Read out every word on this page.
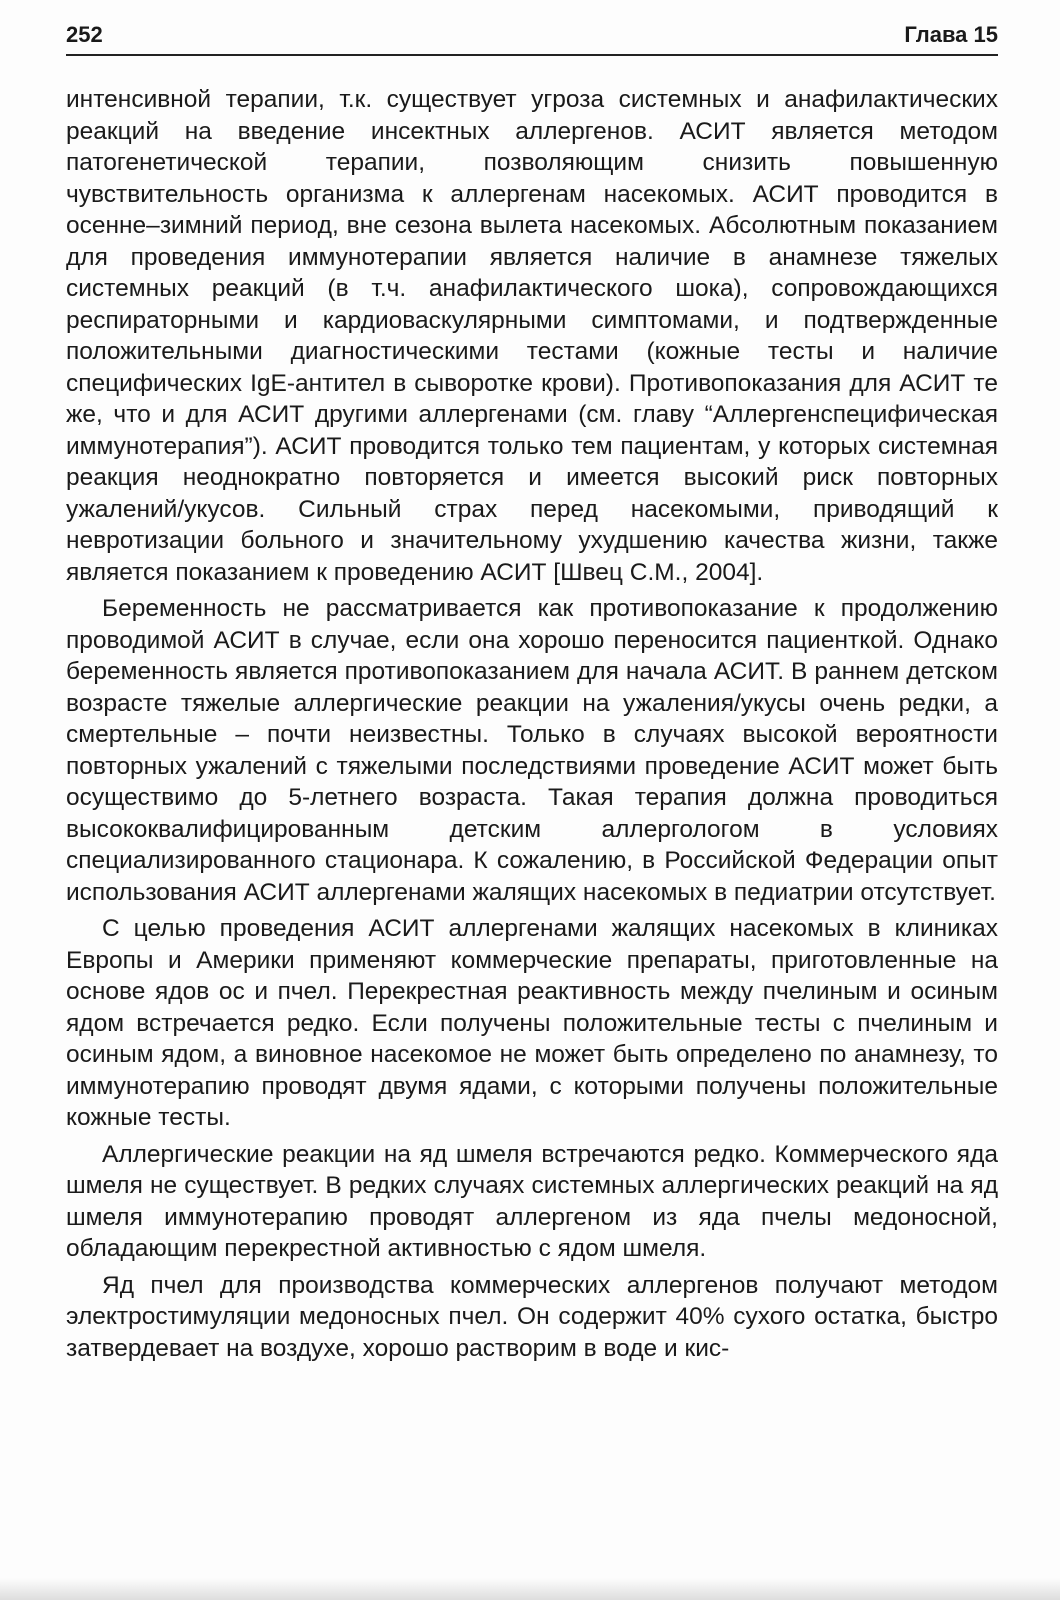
252	Глава 15

интенсивной терапии, т.к. существует угроза системных и анафилактических реакций на введение инсектных аллергенов. АСИТ является методом патогенетической терапии, позволяющим снизить повышенную чувствительность организма к аллергенам насекомых. АСИТ проводится в осенне–зимний период, вне сезона вылета насекомых. Абсолютным показанием для проведения иммунотерапии является наличие в анамнезе тяжелых системных реакций (в т.ч. анафилактического шока), сопровождающихся респираторными и кардиоваскулярными симптомами, и подтвержденные положительными диагностическими тестами (кожные тесты и наличие специфических IgE-антител в сыворотке крови). Противопоказания для АСИТ те же, что и для АСИТ другими аллергенами (см. главу “Аллергенспецифическая иммунотерапия”). АСИТ проводится только тем пациентам, у которых системная реакция неоднократно повторяется и имеется высокий риск повторных ужалений/укусов. Сильный страх перед насекомыми, приводящий к невротизации больного и значительному ухудшению качества жизни, также является показанием к проведению АСИТ [Швец С.М., 2004].

Беременность не рассматривается как противопоказание к продолжению проводимой АСИТ в случае, если она хорошо переносится пациенткой. Однако беременность является противопоказанием для начала АСИТ. В раннем детском возрасте тяжелые аллергические реакции на ужаления/укусы очень редки, а смертельные – почти неизвестны. Только в случаях высокой вероятности повторных ужалений с тяжелыми последствиями проведение АСИТ может быть осуществимо до 5-летнего возраста. Такая терапия должна проводиться высококвалифицированным детским аллергологом в условиях специализированного стационара. К сожалению, в Российской Федерации опыт использования АСИТ аллергенами жалящих насекомых в педиатрии отсутствует.

С целью проведения АСИТ аллергенами жалящих насекомых в клиниках Европы и Америки применяют коммерческие препараты, приготовленные на основе ядов ос и пчел. Перекрестная реактивность между пчелиным и осиным ядом встречается редко. Если получены положительные тесты с пчелиным и осиным ядом, а виновное насекомое не может быть определено по анамнезу, то иммунотерапию проводят двумя ядами, с которыми получены положительные кожные тесты.

Аллергические реакции на яд шмеля встречаются редко. Коммерческого яда шмеля не существует. В редких случаях системных аллергических реакций на яд шмеля иммунотерапию проводят аллергеном из яда пчелы медоносной, обладающим перекрестной активностью с ядом шмеля.

Яд пчел для производства коммерческих аллергенов получают методом электростимуляции медоносных пчел. Он содержит 40% сухого остатка, быстро затвердевает на воздухе, хорошо растворим в воде и кис-
